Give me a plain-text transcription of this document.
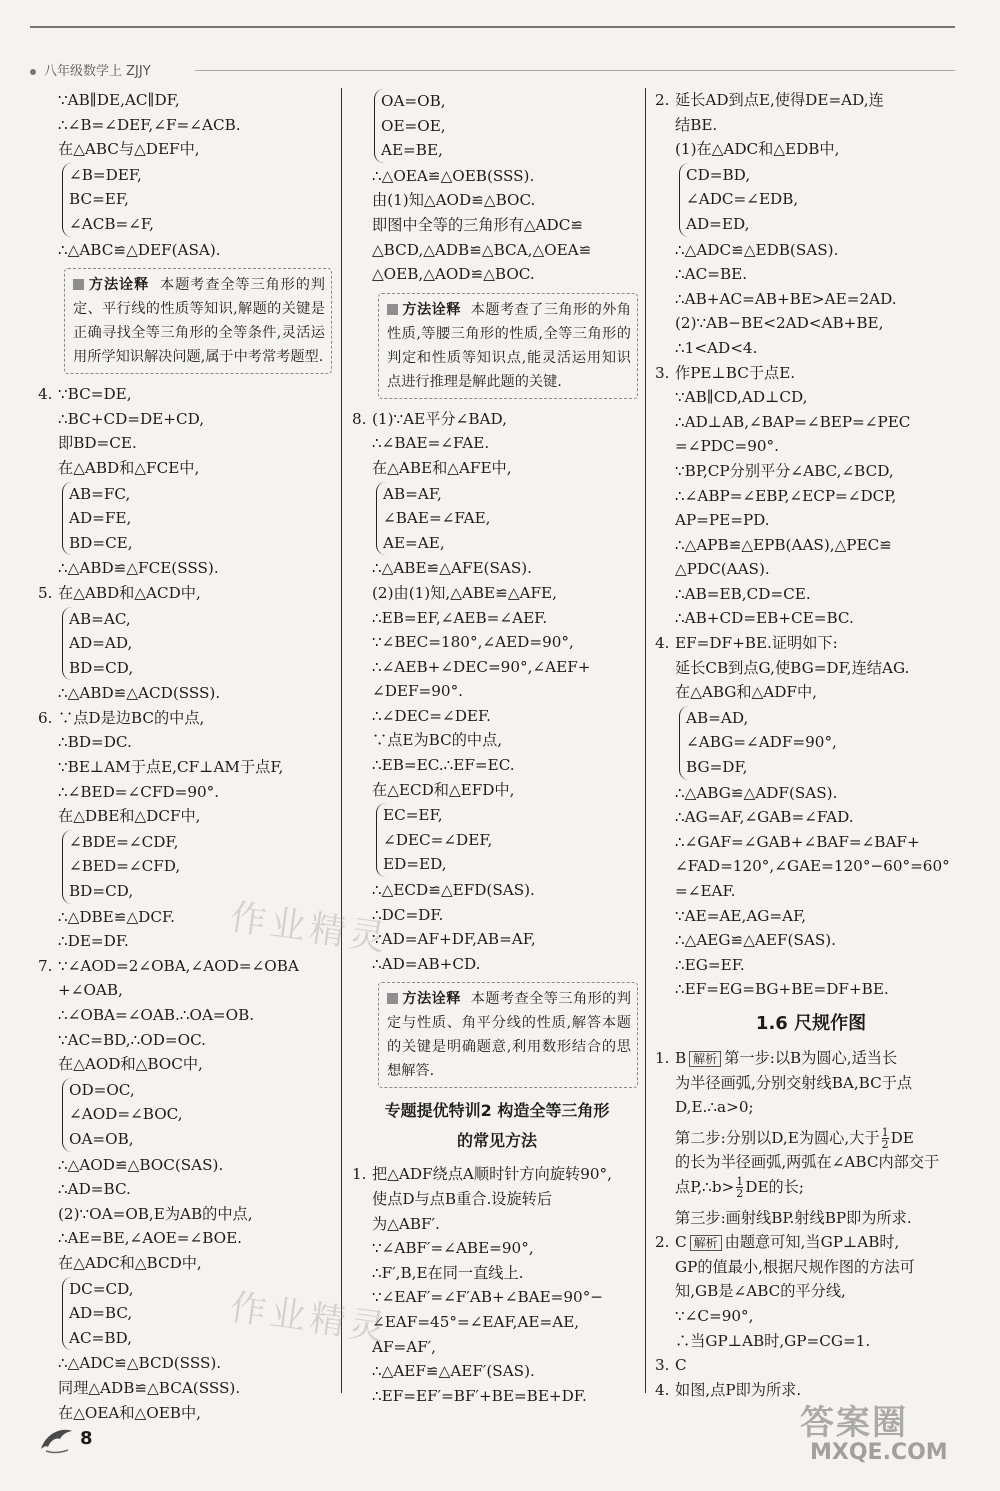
八年级数学上 ZJJY
∵AB∥DE,AC∥DF,
∴∠B=∠DEF,∠F=∠ACB.
在△ABC与△DEF中,
∠B=DEF,
BC=EF,
∠ACB=∠F,
∴△ABC≌△DEF(ASA).
方法诠释 本题考查全等三角形的判定、平行线的性质等知识,解题的关键是正确寻找全等三角形的全等条件,灵活运用所学知识解决问题,属于中考常考题型.
4. ∵BC=DE,
∴BC+CD=DE+CD,
即BD=CE.
在△ABD和△FCE中,
AB=FC,
AD=FE,
BD=CE,
∴△ABD≌△FCE(SSS).
5. 在△ABD和△ACD中,
AB=AC,
AD=AD,
BD=CD,
∴△ABD≌△ACD(SSS).
6. ∵点D是边BC的中点,
∴BD=DC.
∵BE⊥AM于点E,CF⊥AM于点F,
∴∠BED=∠CFD=90°.
在△DBE和△DCF中,
∠BDE=∠CDF,
∠BED=∠CFD,
BD=CD,
∴△DBE≌△DCF.
∴DE=DF.
7. ∵∠AOD=2∠OBA,∠AOD=∠OBA
+∠OAB,
∴∠OBA=∠OAB.∴OA=OB.
∵AC=BD,∴OD=OC.
在△AOD和△BOC中,
OD=OC,
∠AOD=∠BOC,
OA=OB,
∴△AOD≌△BOC(SAS).
∴AD=BC.
(2)∵OA=OB,E为AB的中点,
∴AE=BE,∠AOE=∠BOE.
在△ADC和△BCD中,
DC=CD,
AD=BC,
AC=BD,
∴△ADC≌△BCD(SSS).
同理△ADB≌△BCA(SSS).
在△OEA和△OEB中,
OA=OB,
OE=OE,
AE=BE,
∴△OEA≌△OEB(SSS).
由(1)知△AOD≌△BOC.
即图中全等的三角形有△ADC≌
△BCD,△ADB≌△BCA,△OEA≌
△OEB,△AOD≌△BOC.
方法诠释 本题考查了三角形的外角性质,等腰三角形的性质,全等三角形的判定和性质等知识点,能灵活运用知识点进行推理是解此题的关键.
8. (1)∵AE平分∠BAD,
∴∠BAE=∠FAE.
在△ABE和△AFE中,
AB=AF,
∠BAE=∠FAE,
AE=AE,
∴△ABE≌△AFE(SAS).
(2)由(1)知,△ABE≌△AFE,
∴EB=EF,∠AEB=∠AEF.
∵∠BEC=180°,∠AED=90°,
∴∠AEB+∠DEC=90°,∠AEF+
∠DEF=90°.
∴∠DEC=∠DEF.
∵点E为BC的中点,
∴EB=EC.∴EF=EC.
在△ECD和△EFD中,
EC=EF,
∠DEC=∠DEF,
ED=ED,
∴△ECD≌△EFD(SAS).
∴DC=DF.
∵AD=AF+DF,AB=AF,
∴AD=AB+CD.
方法诠释 本题考查全等三角形的判定与性质、角平分线的性质,解答本题的关键是明确题意,利用数形结合的思想解答.
专题提优特训2 构造全等三角形
的常见方法
1. 把△ADF绕点A顺时针方向旋转90°,
使点D与点B重合.设旋转后
为△ABF′.
∵∠ABF′=∠ABE=90°,
∴F′,B,E在同一直线上.
∵∠EAF′=∠F′AB+∠BAE=90°−
∠EAF=45°=∠EAF,AE=AE,
AF=AF′,
∴△AEF≌△AEF′(SAS).
∴EF=EF′=BF′+BE=BE+DF.
2. 延长AD到点E,使得DE=AD,连
结BE.
(1)在△ADC和△EDB中,
CD=BD,
∠ADC=∠EDB,
AD=ED,
∴△ADC≌△EDB(SAS).
∴AC=BE.
∴AB+AC=AB+BE>AE=2AD.
(2)∵AB−BE<2AD<AB+BE,
∴1<AD<4.
3. 作PE⊥BC于点E.
∵AB∥CD,AD⊥CD,
∴AD⊥AB,∠BAP=∠BEP=∠PEC
=∠PDC=90°.
∵BP,CP分别平分∠ABC,∠BCD,
∴∠ABP=∠EBP,∠ECP=∠DCP,
AP=PE=PD.
∴△APB≌△EPB(AAS),△PEC≌
△PDC(AAS).
∴AB=EB,CD=CE.
∴AB+CD=EB+CE=BC.
4. EF=DF+BE.证明如下:
延长CB到点G,使BG=DF,连结AG.
在△ABG和△ADF中,
AB=AD,
∠ABG=∠ADF=90°,
BG=DF,
∴△ABG≌△ADF(SAS).
∴AG=AF,∠GAB=∠FAD.
∴∠GAF=∠GAB+∠BAF=∠BAF+
∠FAD=120°,∠GAE=120°−60°=60°
=∠EAF.
∵AE=AE,AG=AF,
∴△AEG≌△AEF(SAS).
∴EG=EF.
∴EF=EG=BG+BE=DF+BE.
1.6 尺规作图
1. B 解析 第一步:以B为圆心,适当长
为半径画弧,分别交射线BA,BC于点
D,E.∴a>0;
第二步:分别以D,E为圆心,大于 $\frac{1}{2}$ DE
的长为半径画弧,两弧在∠ABC内部交于
点P,∴b> $\frac{1}{2}$ DE的长;
第三步:画射线BP.射线BP即为所求.
2. C 解析 由题意可知,当GP⊥AB时,
GP的值最小,根据尺规作图的方法可
知,GB是∠ABC的平分线,
∵∠C=90°,
∴当GP⊥AB时,GP=CG=1.
3. C
4. 如图,点P即为所求.
作业精灵
作业精灵
答案圈
MXQE.COM
8
